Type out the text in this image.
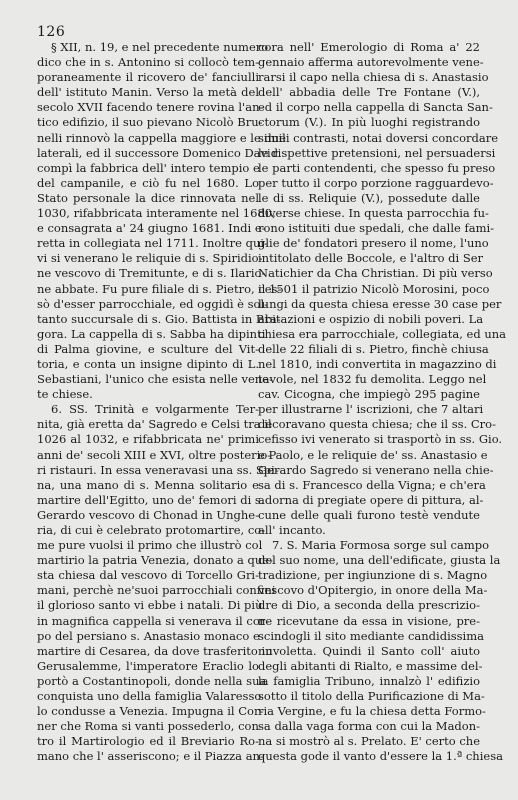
126
§ XII, n. 19, e nel precedente numero
dico che in s. Antonino si collocò tem-
poraneamente il ricovero de' fanciulli
dell' istituto Manin. Verso la metà del
secolo XVII facendo tenere rovina l'an-
tico edifizio, il suo pievano Nicolò Bru-
nelli rinnovò la cappella maggiore e le due
laterali, ed il successore Domenico David
compì la fabbrica dell' intero tempio e
del campanile, e ciò fu nel 1680. Lo
Stato personale la dice rinnovata nel
1030, rifabbricata interamente nel 1680,
e consagrata a' 24 giugno 1681. Indi e-
retta in collegiata nel 1711. Inoltre qui-
vi si venerano le reliquie di s. Spiridio-
ne vescovo di Tremitunte, e di s. Ilario-
ne abbate. Fu pure filiale di s. Pietro, ces-
sò d'esser parrocchiale, ed oggidì è sol-
tanto succursale di s. Gio. Battista in Bra-
gora. La cappella di s. Sabba ha dipinti
di Palma giovine, e sculture del Vit-
toria, e conta un insigne dipinto di L.
Sebastiani, l'unico che esista nelle vene-
te chiese.
6. SS. Trinità e volgarmente Ter-
nita, già eretta da' Sagredo e Celsi tra il
1026 al 1032, e rifabbricata ne' primi
anni de' secoli XIII e XVI, oltre posterio-
ri ristauri. In essa veneravasi una ss. Spi-
na, una mano di s. Menna solitario e
martire dell'Egitto, uno de' femori di s.
Gerardo vescovo di Chonad in Unghe-
ria, di cui è celebrato protomartire, co-
me pure vuolsi il primo che illustrò col
martirio la patria Venezia, donato a que-
sta chiesa dal vescovo di Torcello Gri-
mani, perchè ne'suoi parrocchiali confini
il glorioso santo vi ebbe i natali. Di più
in magnifica cappella si venerava il cor-
po del persiano s. Anastasio monaco e
martire di Cesarea, da dove trasferito in
Gerusalemme, l'imperatore Eraclio lo
portò a Costantinopoli, donde nella sua
conquista uno della famiglia Valaresso
lo condusse a Venezia. Impugna il Cor-
ner che Roma si vanti possederlo, con-
tro il Martirologio ed il Breviario Ro-
mano che l' asseriscono; e il Piazza an-
cora nell' Emerologio di Roma a' 22
gennaio afferma autorevolmente vene-
rarsi il capo nella chiesa di s. Anastasio
dell' abbadia delle Tre Fontane (V.),
ed il corpo nella cappella di Sancta San-
ctorum (V.). In più luoghi registrando
simili contrasti, notai doversi concordare
le rispettive pretensioni, nel persuadersi
le parti contendenti, che spesso fu preso
per tutto il corpo porzione ragguardevo-
le di ss. Reliquie (V.), possedute dalle
diverse chiese. In questa parrocchia fu-
rono istituiti due spedali, che dalle fami-
glie de' fondatori presero il nome, l'uno
intitolato delle Boccole, e l'altro di Ser
Natichier da Cha Christian. Di più verso
il 1501 il patrizio Nicolò Morosini, poco
lungi da questa chiesa eresse 30 case per
abitazioni e ospizio di nobili poveri. La
chiesa era parrocchiale, collegiata, ed una
delle 22 filiali di s. Pietro, finchè chiusa
nel 1810, indi convertita in magazzino di
tavole, nel 1832 fu demolita. Leggo nel
cav. Cicogna, che impiegò 295 pagine
per illustrarne l' iscrizioni, che 7 altari
decoravano questa chiesa; che il ss. Cro-
cefisso ivi venerato si trasportò in ss. Gio.
e Paolo, e le reliquie de' ss. Anastasio e
Gerardo Sagredo si venerano nella chie-
sa di s. Francesco della Vigna; e ch'era
adorna di pregiate opere di pittura, al-
cune delle quali furono testè vendute
all' incanto.
7. S. Maria Formosa sorge sul campo
del suo nome, una dell'edificate, giusta la
tradizione, per ingiunzione di s. Magno
vescovo d'Opitergio, in onore della Ma-
dre di Dio, a seconda della prescrizio-
ne ricevutane da essa in visione, pre-
scindogli il sito mediante candidissima
nuvoletta. Quindi il Santo coll' aiuto
degli abitanti di Rialto, e massime del-
la famiglia Tribuno, innalzò l' edifizio
sotto il titolo della Purificazione di Ma-
ria Vergine, e fu la chiesa detta Formo-
sa dalla vaga forma con cui la Madon-
na si mostrò al s. Prelato. E' certo che
questa gode il vanto d'essere la 1.ª chiesa
